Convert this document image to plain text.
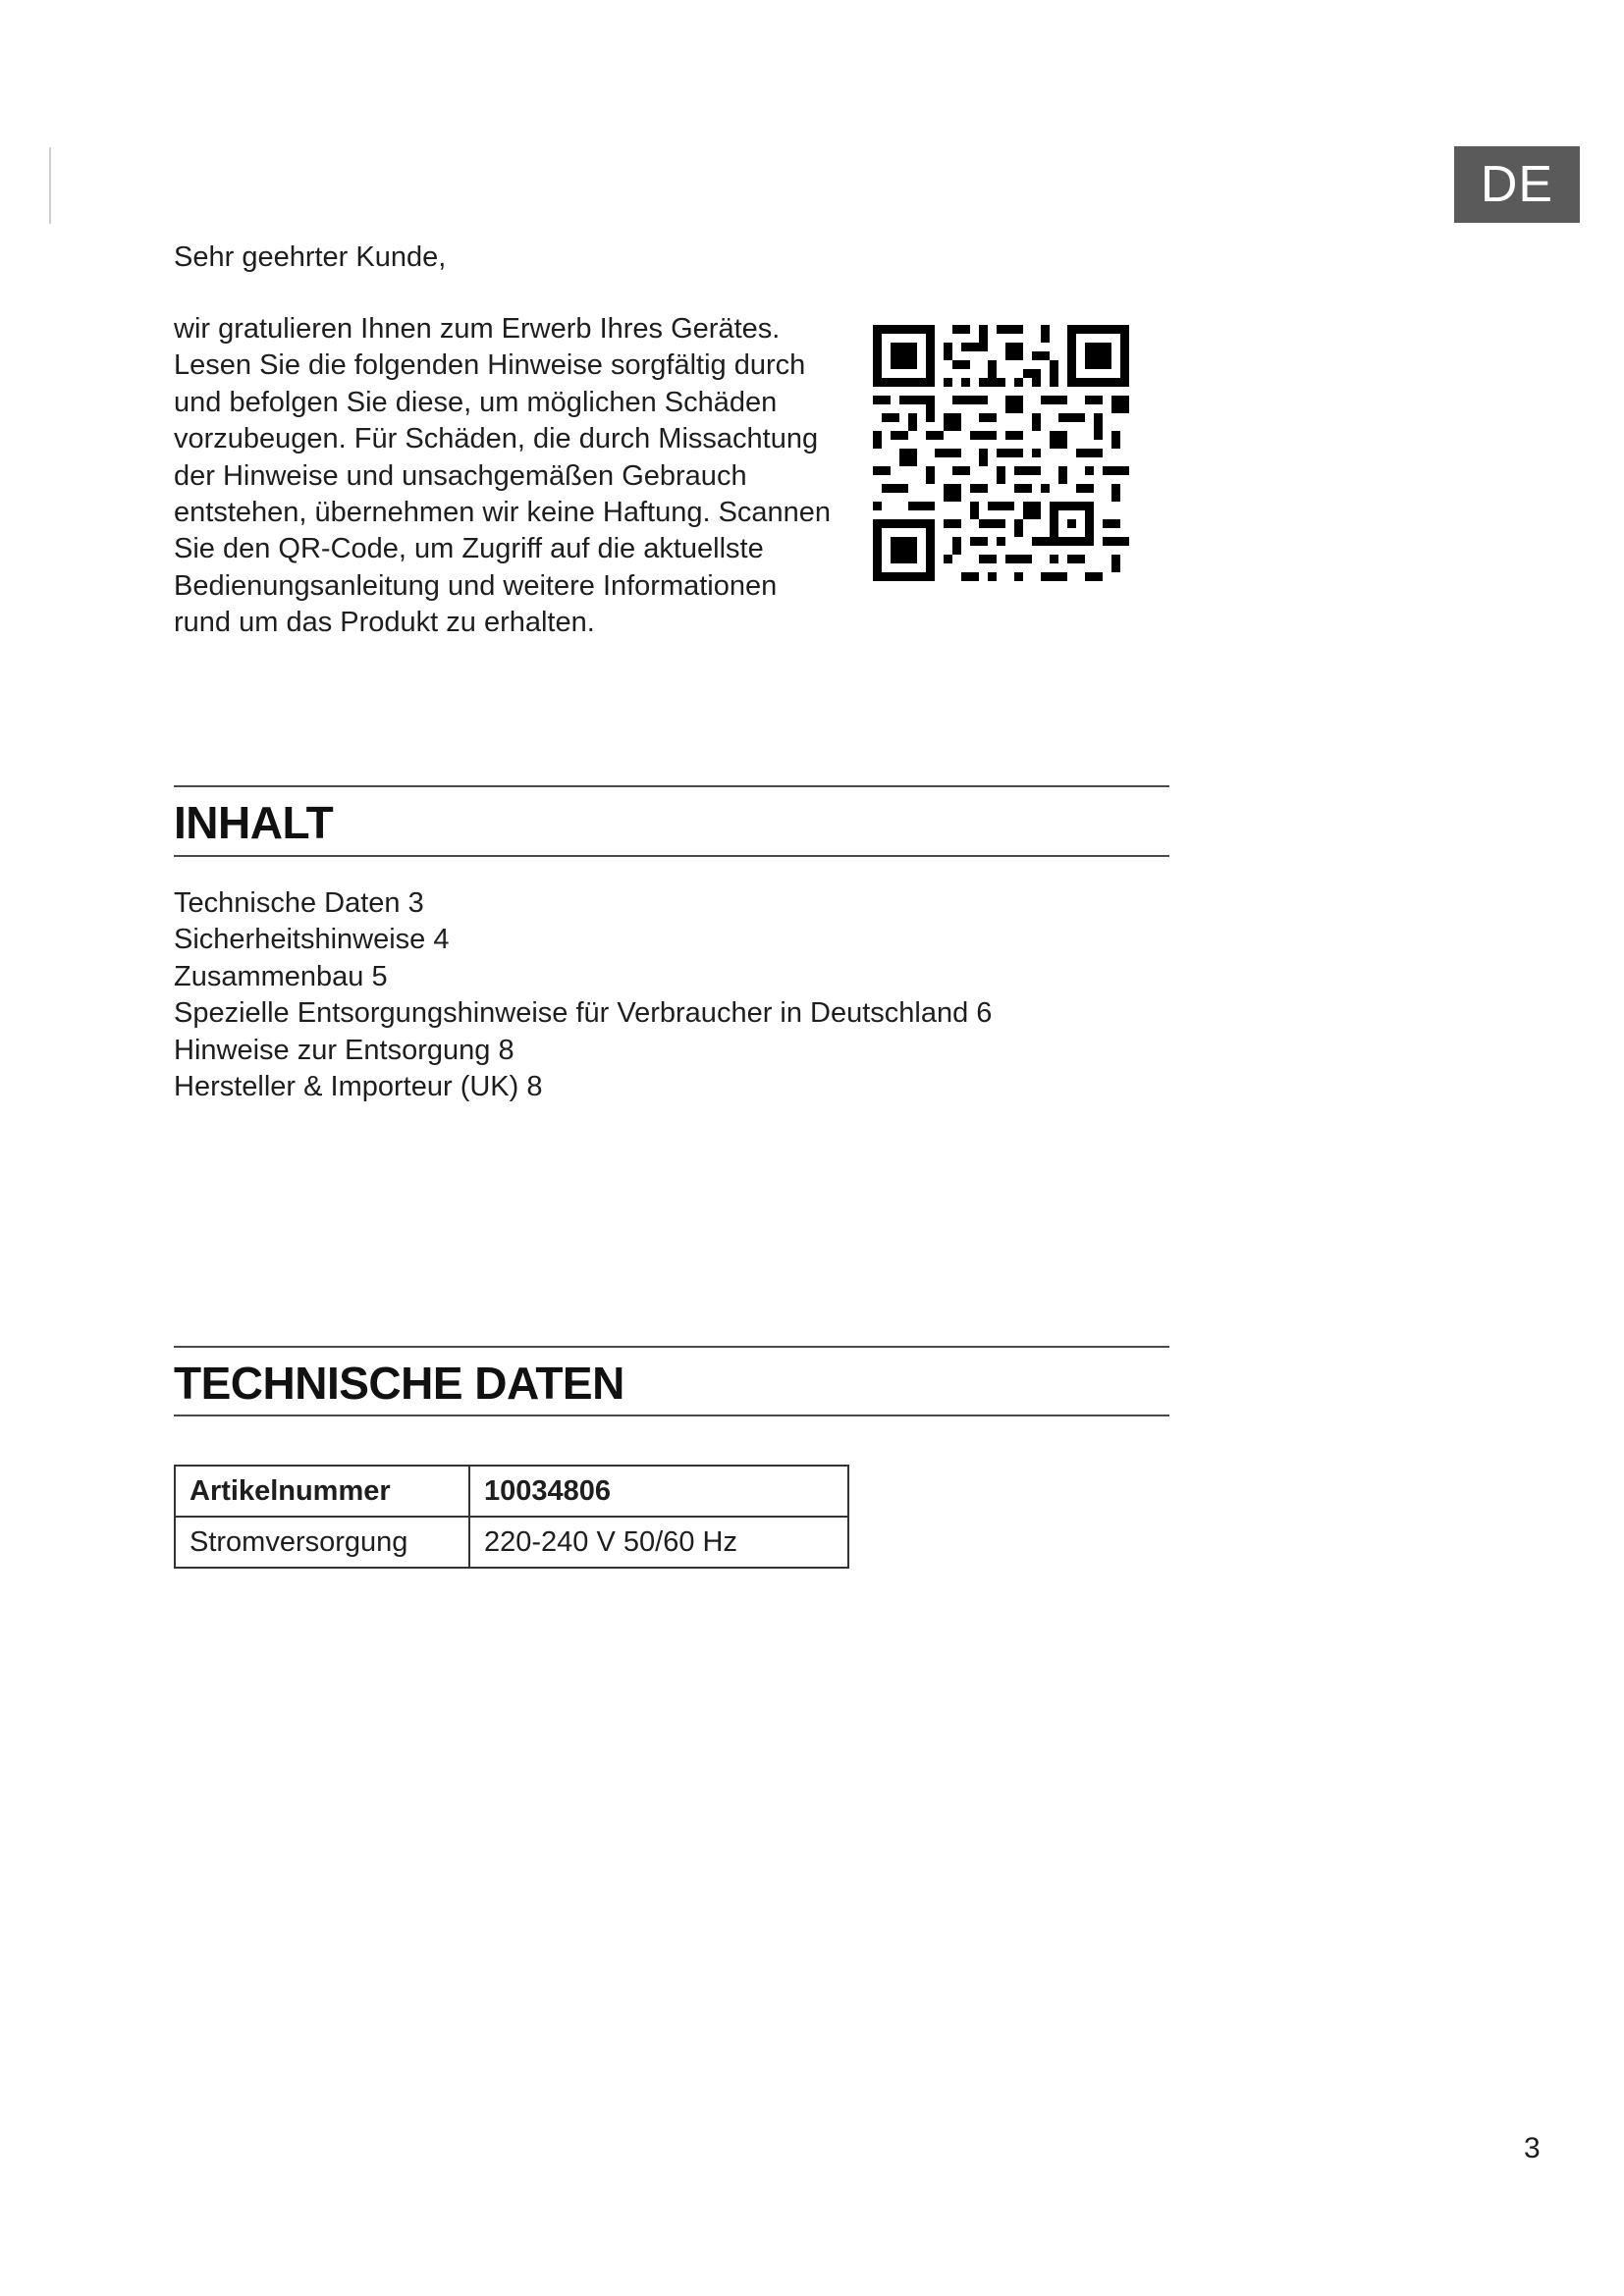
DE
Sehr geehrter Kunde,

wir gratulieren Ihnen zum Erwerb Ihres Gerätes. Lesen Sie die folgenden Hinweise sorgfältig durch und befolgen Sie diese, um möglichen Schäden vorzubeugen. Für Schäden, die durch Missachtung der Hinweise und unsachgemäßen Gebrauch entstehen, übernehmen wir keine Haftung. Scannen Sie den QR-Code, um Zugriff auf die aktuellste Bedienungsanleitung und weitere Informationen rund um das Produkt zu erhalten.

INHALT
Technische Daten 3
Sicherheitshinweise 4
Zusammenbau 5
Spezielle Entsorgungshinweise für Verbraucher in Deutschland 6
Hinweise zur Entsorgung 8
Hersteller & Importeur (UK) 8
TECHNISCHE DATEN
Artikelnummer	10034806
Stromversorgung	220-240 V 50/60 Hz
3
